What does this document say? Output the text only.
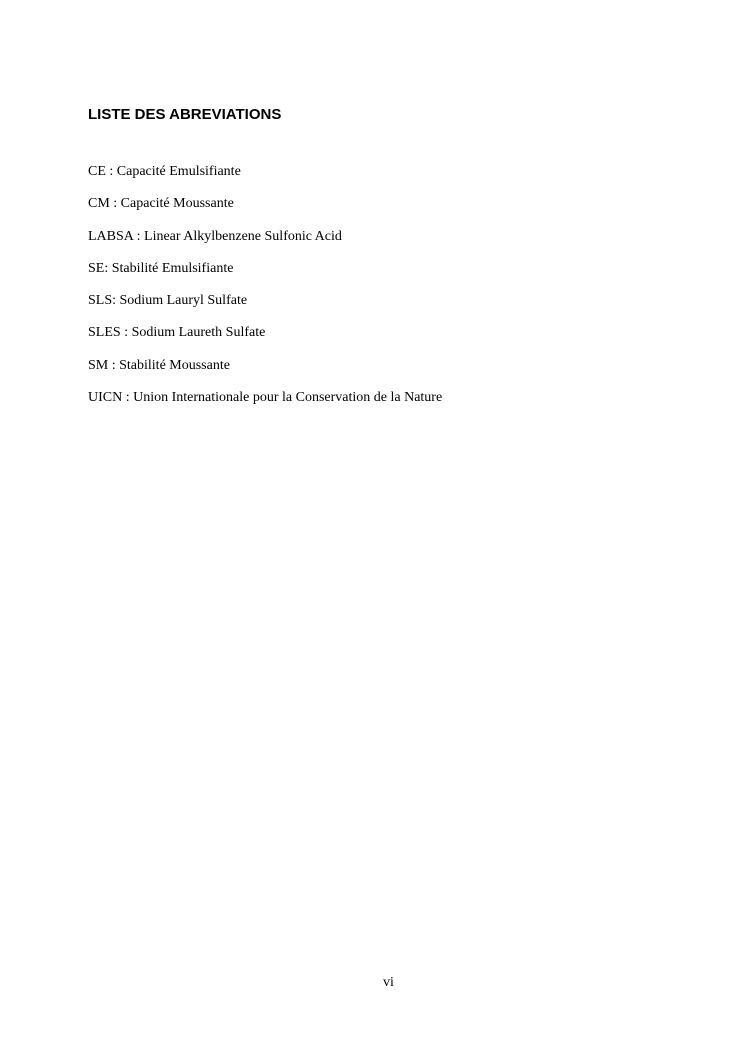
LISTE DES ABREVIATIONS
CE : Capacité Emulsifiante
CM : Capacité Moussante
LABSA : Linear Alkylbenzene Sulfonic Acid
SE: Stabilité Emulsifiante
SLS: Sodium Lauryl Sulfate
SLES : Sodium Laureth Sulfate
SM : Stabilité Moussante
UICN : Union Internationale pour la Conservation de la Nature

vi
